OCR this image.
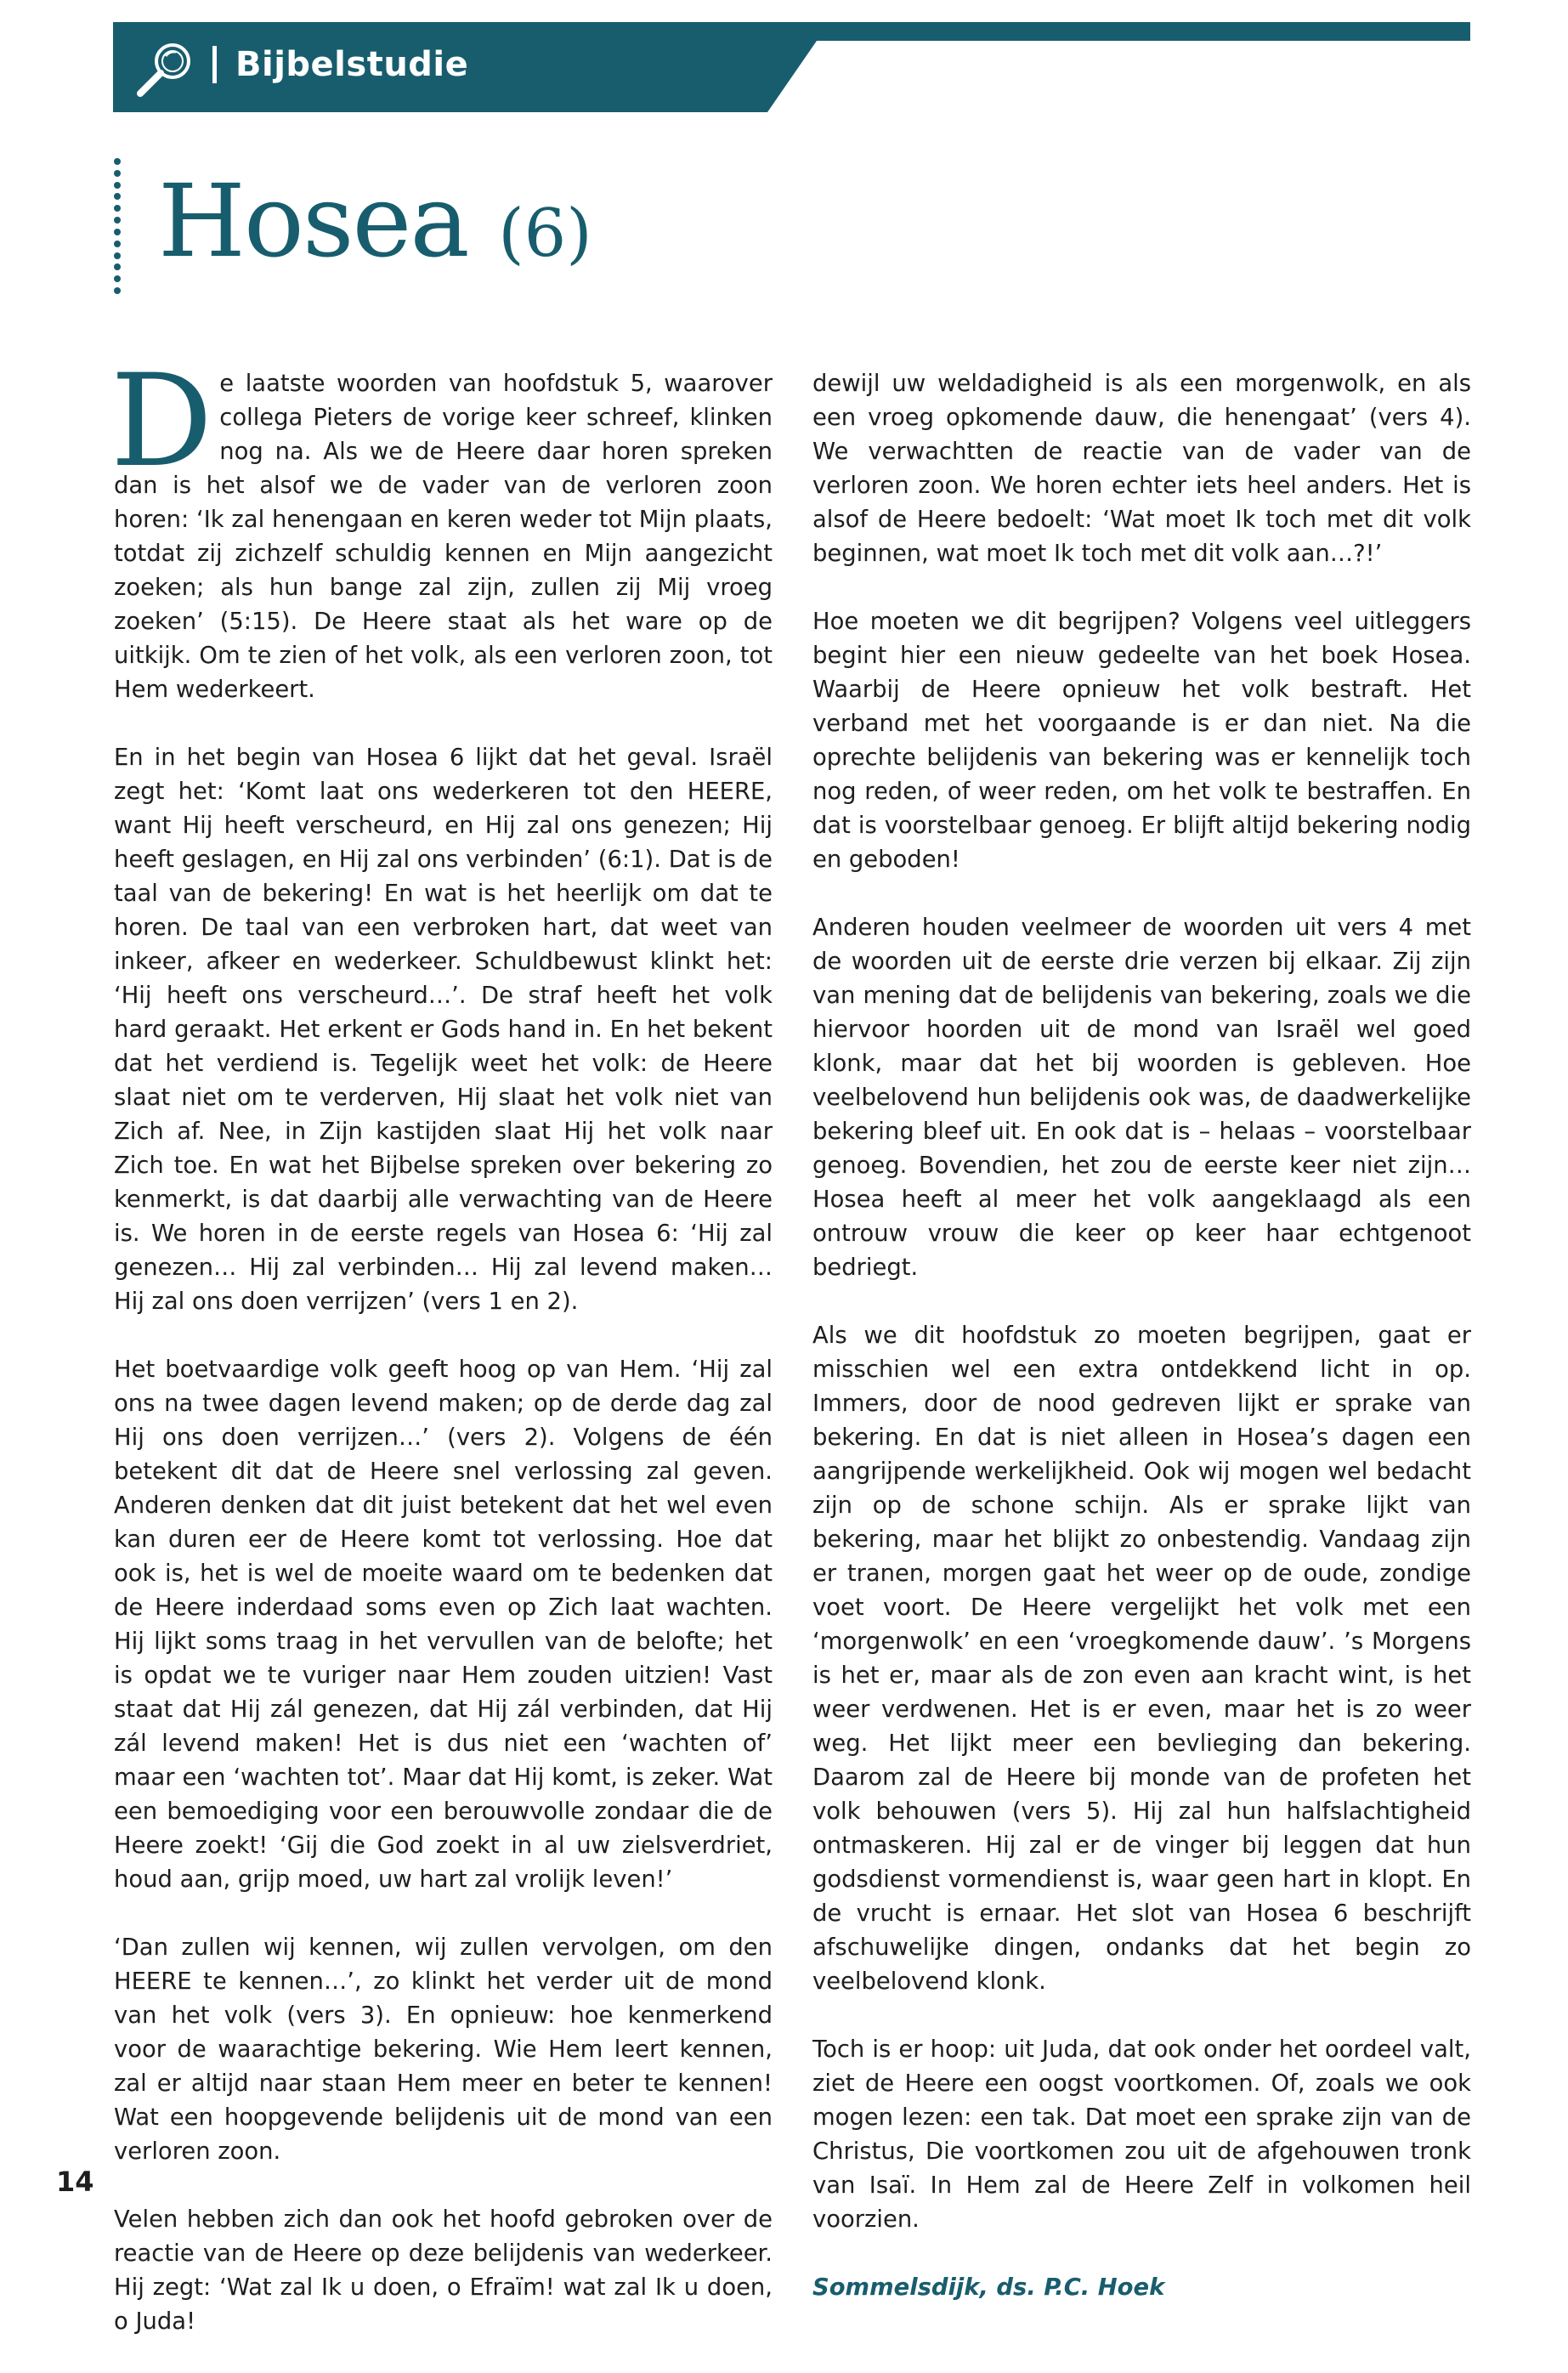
Bijbelstudie
Hosea (6)

De laatste woorden van hoofdstuk 5, waarover collega Pieters de vorige keer schreef, klinken nog na. Als we de Heere daar horen spreken dan is het alsof we de vader van de verloren zoon horen: ‘Ik zal henengaan en keren weder tot Mijn plaats, totdat zij zichzelf schuldig kennen en Mijn aangezicht zoeken; als hun bange zal zijn, zullen zij Mij vroeg zoeken’ (5:15). De Heere staat als het ware op de uitkijk. Om te zien of het volk, als een verloren zoon, tot Hem wederkeert.

En in het begin van Hosea 6 lijkt dat het geval. Israël zegt het: ‘Komt laat ons wederkeren tot den HEERE, want Hij heeft verscheurd, en Hij zal ons genezen; Hij heeft geslagen, en Hij zal ons verbinden’ (6:1). Dat is de taal van de bekering! En wat is het heerlijk om dat te horen. De taal van een verbroken hart, dat weet van inkeer, afkeer en wederkeer. Schuldbewust klinkt het: ‘Hij heeft ons verscheurd…’. De straf heeft het volk hard geraakt. Het erkent er Gods hand in. En het bekent dat het verdiend is. Tegelijk weet het volk: de Heere slaat niet om te verderven, Hij slaat het volk niet van Zich af. Nee, in Zijn kastijden slaat Hij het volk naar Zich toe. En wat het Bijbelse spreken over bekering zo kenmerkt, is dat daarbij alle verwachting van de Heere is. We horen in de eerste regels van Hosea 6: ‘Hij zal genezen… Hij zal verbinden… Hij zal levend maken… Hij zal ons doen verrijzen’ (vers 1 en 2).

Het boetvaardige volk geeft hoog op van Hem. ‘Hij zal ons na twee dagen levend maken; op de derde dag zal Hij ons doen verrijzen…’ (vers 2). Volgens de één betekent dit dat de Heere snel verlossing zal geven. Anderen denken dat dit juist betekent dat het wel even kan duren eer de Heere komt tot verlossing. Hoe dat ook is, het is wel de moeite waard om te bedenken dat de Heere inderdaad soms even op Zich laat wachten. Hij lijkt soms traag in het vervullen van de belofte; het is opdat we te vuriger naar Hem zouden uitzien! Vast staat dat Hij zál genezen, dat Hij zál verbinden, dat Hij zál levend maken! Het is dus niet een ‘wachten of’ maar een ‘wachten tot’. Maar dat Hij komt, is zeker. Wat een bemoediging voor een berouwvolle zondaar die de Heere zoekt! ‘Gij die God zoekt in al uw zielsverdriet, houd aan, grijp moed, uw hart zal vrolijk leven!’

‘Dan zullen wij kennen, wij zullen vervolgen, om den HEERE te kennen…’, zo klinkt het verder uit de mond van het volk (vers 3). En opnieuw: hoe kenmerkend voor de waarachtige bekering. Wie Hem leert kennen, zal er altijd naar staan Hem meer en beter te kennen! Wat een hoopgevende belijdenis uit de mond van een verloren zoon.

Velen hebben zich dan ook het hoofd gebroken over de reactie van de Heere op deze belijdenis van wederkeer. Hij zegt: ‘Wat zal Ik u doen, o Efraïm! wat zal Ik u doen, o Juda!

dewijl uw weldadigheid is als een morgenwolk, en als een vroeg opkomende dauw, die henengaat’ (vers 4). We verwachtten de reactie van de vader van de verloren zoon. We horen echter iets heel anders. Het is alsof de Heere bedoelt: ‘Wat moet Ik toch met dit volk beginnen, wat moet Ik toch met dit volk aan…?!’

Hoe moeten we dit begrijpen? Volgens veel uitleggers begint hier een nieuw gedeelte van het boek Hosea. Waarbij de Heere opnieuw het volk bestraft. Het verband met het voorgaande is er dan niet. Na die oprechte belijdenis van bekering was er kennelijk toch nog reden, of weer reden, om het volk te bestraffen. En dat is voorstelbaar genoeg. Er blijft altijd bekering nodig en geboden!

Anderen houden veelmeer de woorden uit vers 4 met de woorden uit de eerste drie verzen bij elkaar. Zij zijn van mening dat de belijdenis van bekering, zoals we die hiervoor hoorden uit de mond van Israël wel goed klonk, maar dat het bij woorden is gebleven. Hoe veelbelovend hun belijdenis ook was, de daadwerkelijke bekering bleef uit. En ook dat is – helaas – voorstelbaar genoeg. Bovendien, het zou de eerste keer niet zijn… Hosea heeft al meer het volk aangeklaagd als een ontrouw vrouw die keer op keer haar echtgenoot bedriegt.

Als we dit hoofdstuk zo moeten begrijpen, gaat er misschien wel een extra ontdekkend licht in op. Immers, door de nood gedreven lijkt er sprake van bekering. En dat is niet alleen in Hosea’s dagen een aangrijpende werkelijkheid. Ook wij mogen wel bedacht zijn op de schone schijn. Als er sprake lijkt van bekering, maar het blijkt zo onbestendig. Vandaag zijn er tranen, morgen gaat het weer op de oude, zondige voet voort. De Heere vergelijkt het volk met een ‘morgenwolk’ en een ‘vroegkomende dauw’. ’s Morgens is het er, maar als de zon even aan kracht wint, is het weer verdwenen. Het is er even, maar het is zo weer weg. Het lijkt meer een bevlieging dan bekering. Daarom zal de Heere bij monde van de profeten het volk behouwen (vers 5). Hij zal hun halfslachtigheid ontmaskeren. Hij zal er de vinger bij leggen dat hun godsdienst vormendienst is, waar geen hart in klopt. En de vrucht is ernaar. Het slot van Hosea 6 beschrijft afschuwelijke dingen, ondanks dat het begin zo veelbelovend klonk.

Toch is er hoop: uit Juda, dat ook onder het oordeel valt, ziet de Heere een oogst voortkomen. Of, zoals we ook mogen lezen: een tak. Dat moet een sprake zijn van de Christus, Die voortkomen zou uit de afgehouwen tronk van Isaï. In Hem zal de Heere Zelf in volkomen heil voorzien.

Sommelsdijk, ds. P.C. Hoek

14
